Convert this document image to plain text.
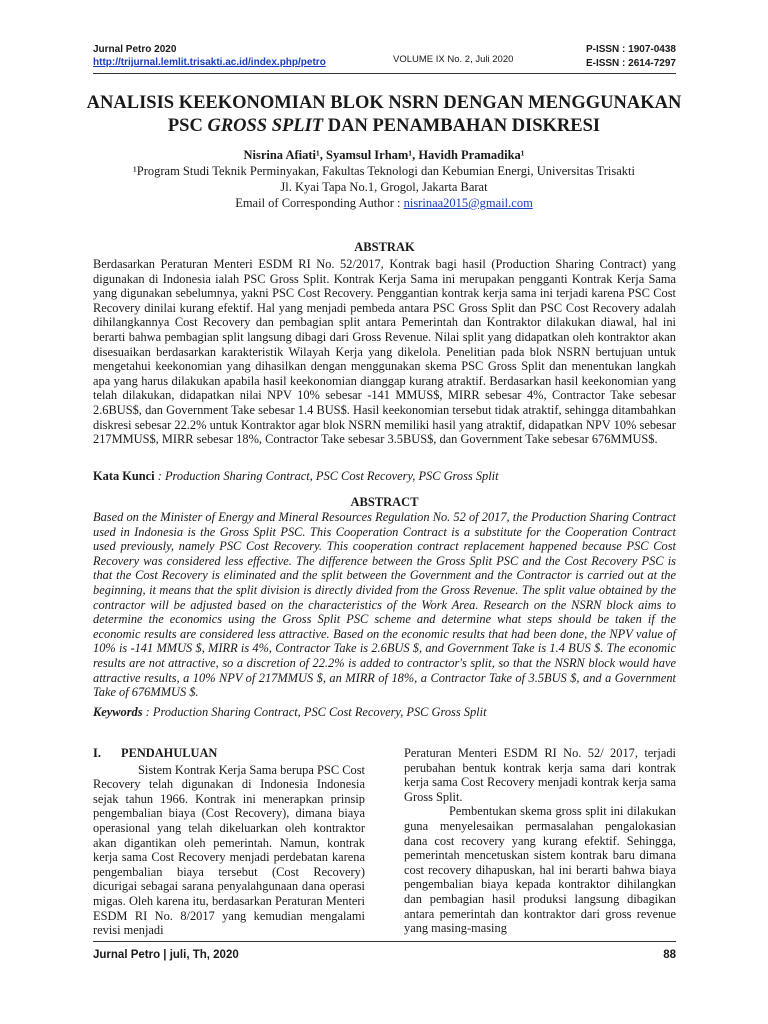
Jurnal Petro 2020
http://trijurnal.lemlit.trisakti.ac.id/index.php/petro	VOLUME IX No. 2, Juli 2020
P-ISSN : 1907-0438
E-ISSN : 2614-7297
ANALISIS KEEKONOMIAN BLOK NSRN DENGAN MENGGUNAKAN
PSC GROSS SPLIT DAN PENAMBAHAN DISKRESI
Nisrina Afiati¹, Syamsul Irham¹, Havidh Pramadika¹
¹Program Studi Teknik Perminyakan, Fakultas Teknologi dan Kebumian Energi, Universitas Trisakti
Jl. Kyai Tapa No.1, Grogol, Jakarta Barat
Email of Corresponding Author : nisrinaa2015@gmail.com
ABSTRAK
Berdasarkan Peraturan Menteri ESDM RI No. 52/2017, Kontrak bagi hasil (Production Sharing Contract) yang digunakan di Indonesia ialah PSC Gross Split. Kontrak Kerja Sama ini merupakan pengganti Kontrak Kerja Sama yang digunakan sebelumnya, yakni PSC Cost Recovery. Penggantian kontrak kerja sama ini terjadi karena PSC Cost Recovery dinilai kurang efektif. Hal yang menjadi pembeda antara PSC Gross Split dan PSC Cost Recovery adalah dihilangkannya Cost Recovery dan pembagian split antara Pemerintah dan Kontraktor dilakukan diawal, hal ini berarti bahwa pembagian split langsung dibagi dari Gross Revenue. Nilai split yang didapatkan oleh kontraktor akan disesuaikan berdasarkan karakteristik Wilayah Kerja yang dikelola. Penelitian pada blok NSRN bertujuan untuk mengetahui keekonomian yang dihasilkan dengan menggunakan skema PSC Gross Split dan menentukan langkah apa yang harus dilakukan apabila hasil keekonomian dianggap kurang atraktif. Berdasarkan hasil keekonomian yang telah dilakukan, didapatkan nilai NPV 10% sebesar -141 MMUS$, MIRR sebesar 4%, Contractor Take sebesar 2.6BUS$, dan Government Take sebesar 1.4 BUS$. Hasil keekonomian tersebut tidak atraktif, sehingga ditambahkan diskresi sebesar 22.2% untuk Kontraktor agar blok NSRN memiliki hasil yang atraktif, didapatkan NPV 10% sebesar 217MMUS$, MIRR sebesar 18%, Contractor Take sebesar 3.5BUS$, dan Government Take sebesar 676MMUS$.
Kata Kunci : Production Sharing Contract, PSC Cost Recovery, PSC Gross Split
ABSTRACT
Based on the Minister of Energy and Mineral Resources Regulation No. 52 of 2017, the Production Sharing Contract used in Indonesia is the Gross Split PSC. This Cooperation Contract is a substitute for the Cooperation Contract used previously, namely PSC Cost Recovery. This cooperation contract replacement happened because PSC Cost Recovery was considered less effective. The difference between the Gross Split PSC and the Cost Recovery PSC is that the Cost Recovery is eliminated and the split between the Government and the Contractor is carried out at the beginning, it means that the split division is directly divided from the Gross Revenue. The split value obtained by the contractor will be adjusted based on the characteristics of the Work Area. Research on the NSRN block aims to determine the economics using the Gross Split PSC scheme and determine what steps should be taken if the economic results are considered less attractive. Based on the economic results that had been done, the NPV value of 10% is -141 MMUS $, MIRR is 4%, Contractor Take is 2.6BUS $, and Government Take is 1.4 BUS $. The economic results are not attractive, so a discretion of 22.2% is added to contractor's split, so that the NSRN block would have attractive results, a 10% NPV of 217MMUS $, an MIRR of 18%, a Contractor Take of 3.5BUS $, and a Government Take of 676MMUS $.
Keywords : Production Sharing Contract, PSC Cost Recovery, PSC Gross Split
I. PENDAHULUAN
Sistem Kontrak Kerja Sama berupa PSC Cost Recovery telah digunakan di Indonesia Indonesia sejak tahun 1966. Kontrak ini menerapkan prinsip pengembalian biaya (Cost Recovery), dimana biaya operasional yang telah dikeluarkan oleh kontraktor akan digantikan oleh pemerintah. Namun, kontrak kerja sama Cost Recovery menjadi perdebatan karena pengembalian biaya tersebut (Cost Recovery) dicurigai sebagai sarana penyalahgunaan dana operasi migas. Oleh karena itu, berdasarkan Peraturan Menteri ESDM RI No. 8/2017 yang kemudian mengalami revisi menjadi
Peraturan Menteri ESDM RI No. 52/ 2017, terjadi perubahan bentuk kontrak kerja sama dari kontrak kerja sama Cost Recovery menjadi kontrak kerja sama Gross Split.
Pembentukan skema gross split ini dilakukan guna menyelesaikan permasalahan pengalokasian dana cost recovery yang kurang efektif. Sehingga, pemerintah mencetuskan sistem kontrak baru dimana cost recovery dihapuskan, hal ini berarti bahwa biaya pengembalian biaya kepada kontraktor dihilangkan dan pembagian hasil produksi langsung dibagikan antara pemerintah dan kontraktor dari gross revenue yang masing-masing
Jurnal Petro | juli, Th, 2020	88
